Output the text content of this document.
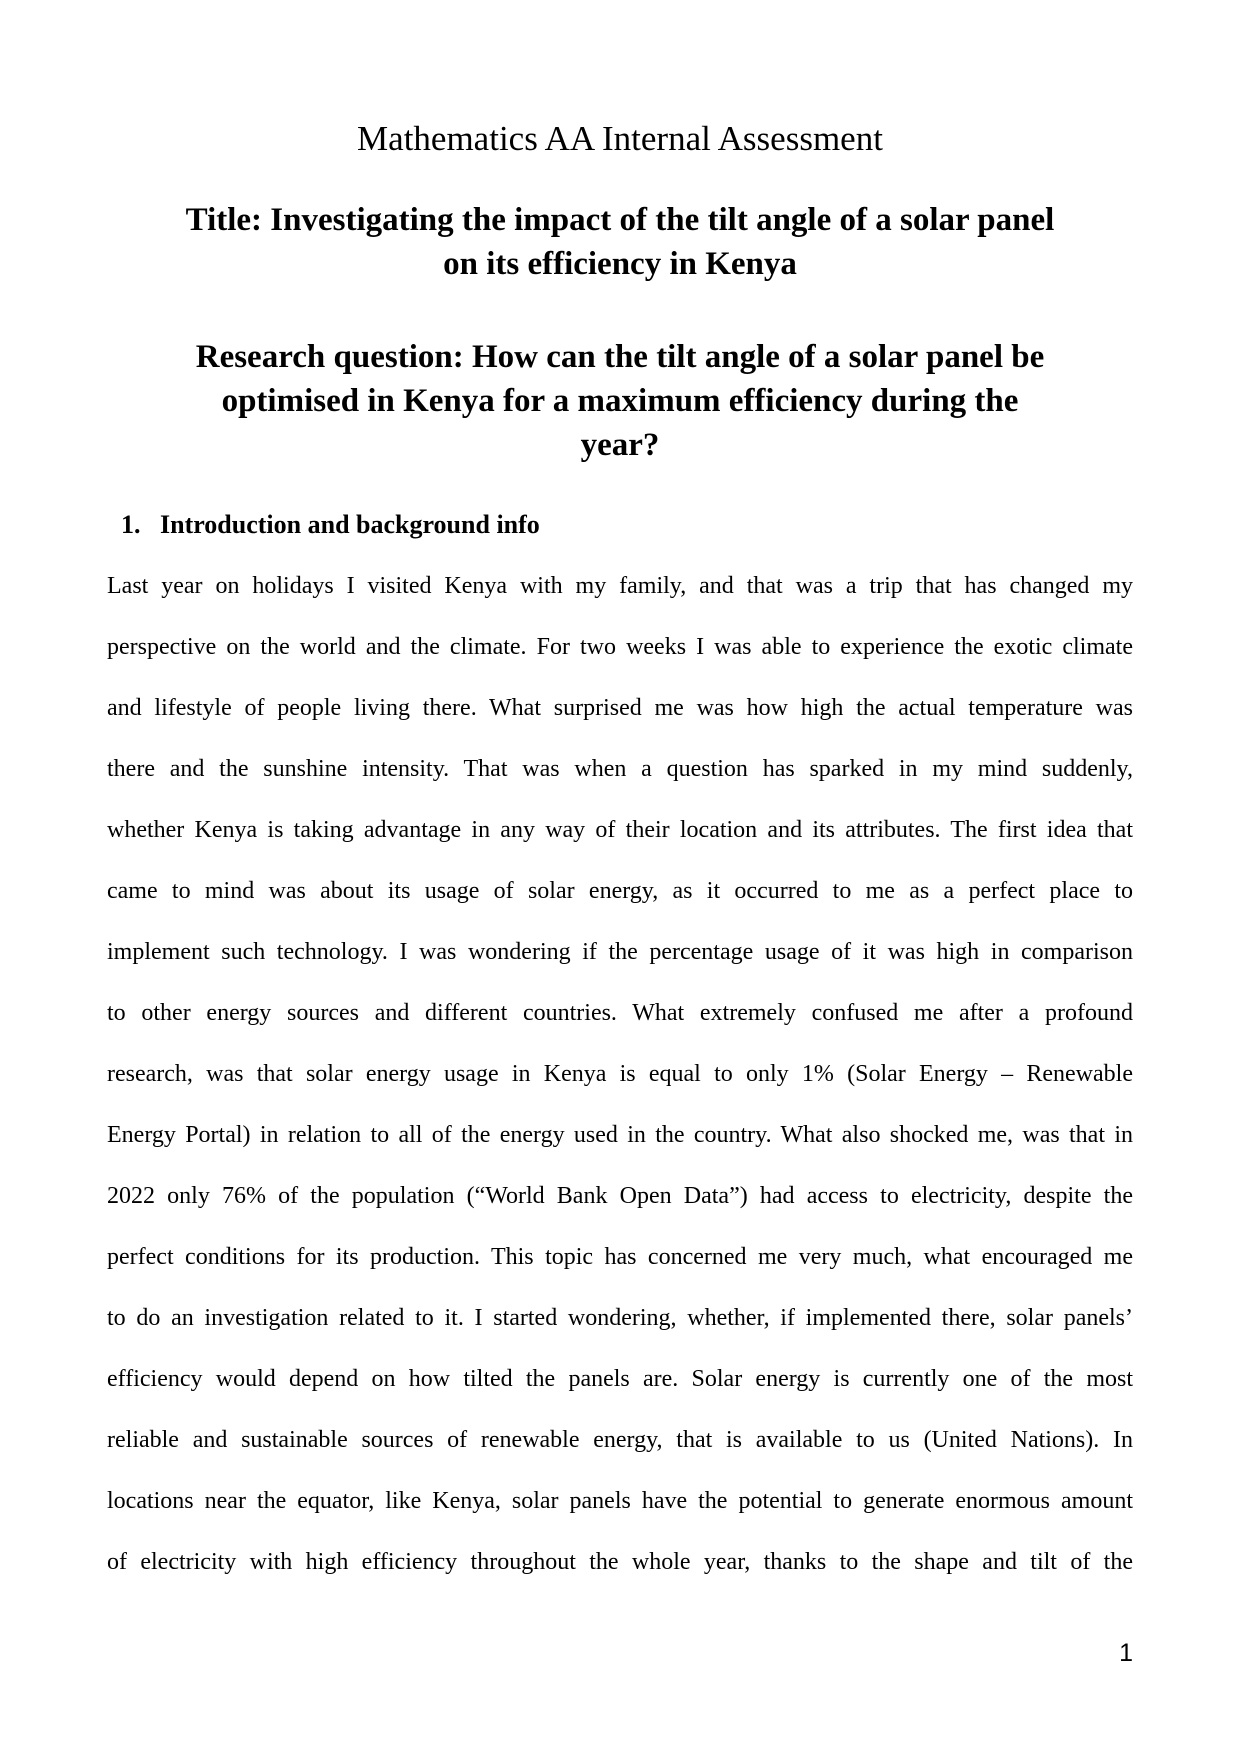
Mathematics AA Internal Assessment
Title: Investigating the impact of the tilt angle of a solar panel
on its efficiency in Kenya
Research question: How can the tilt angle of a solar panel be
optimised in Kenya for a maximum efficiency during the
year?
1. Introduction and background info
Last year on holidays I visited Kenya with my family, and that was a trip that has changed my
perspective on the world and the climate. For two weeks I was able to experience the exotic climate
and lifestyle of people living there. What surprised me was how high the actual temperature was
there and the sunshine intensity. That was when a question has sparked in my mind suddenly,
whether Kenya is taking advantage in any way of their location and its attributes. The first idea that
came to mind was about its usage of solar energy, as it occurred to me as a perfect place to
implement such technology. I was wondering if the percentage usage of it was high in comparison
to other energy sources and different countries. What extremely confused me after a profound
research, was that solar energy usage in Kenya is equal to only 1% (Solar Energy – Renewable
Energy Portal) in relation to all of the energy used in the country. What also shocked me, was that in
2022 only 76% of the population (“World Bank Open Data”) had access to electricity, despite the
perfect conditions for its production. This topic has concerned me very much, what encouraged me
to do an investigation related to it. I started wondering, whether, if implemented there, solar panels’
efficiency would depend on how tilted the panels are. Solar energy is currently one of the most
reliable and sustainable sources of renewable energy, that is available to us (United Nations). In
locations near the equator, like Kenya, solar panels have the potential to generate enormous amount
of electricity with high efficiency throughout the whole year, thanks to the shape and tilt of the
1
